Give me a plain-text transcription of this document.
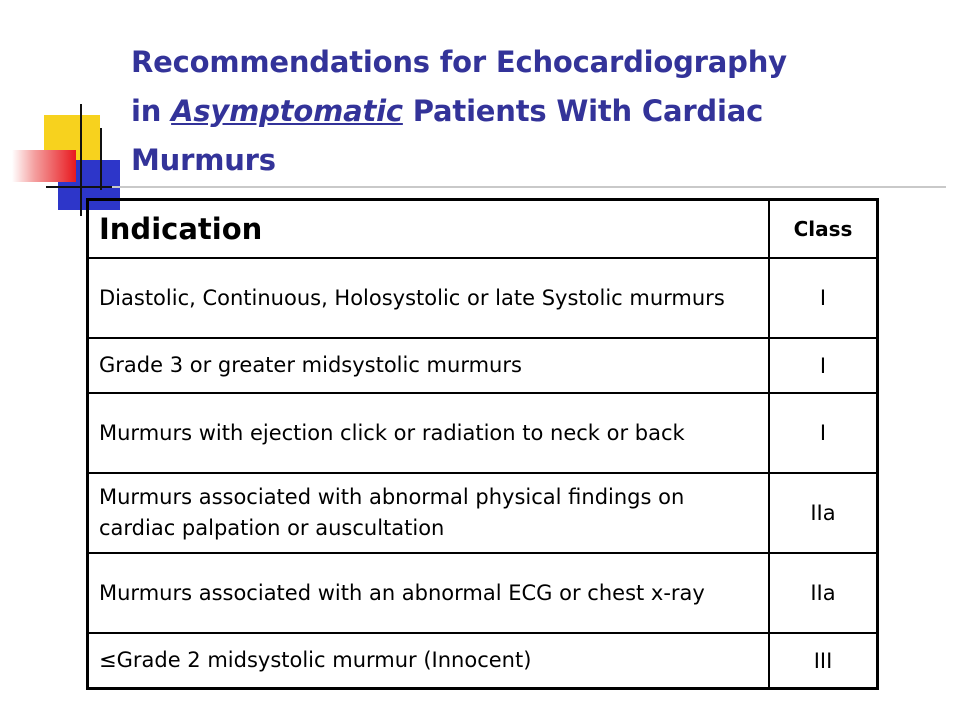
Recommendations for Echocardiography
in Asymptomatic Patients With Cardiac
Murmurs
Indication	Class
Diastolic, Continuous, Holosystolic or late Systolic murmurs	I
Grade 3 or greater midsystolic murmurs	I
Murmurs with ejection click or radiation to neck or back	I
Murmurs associated with abnormal physical findings on cardiac palpation or auscultation	IIa
Murmurs associated with an abnormal ECG or chest x-ray	IIa
≤Grade 2 midsystolic murmur (Innocent)	III
